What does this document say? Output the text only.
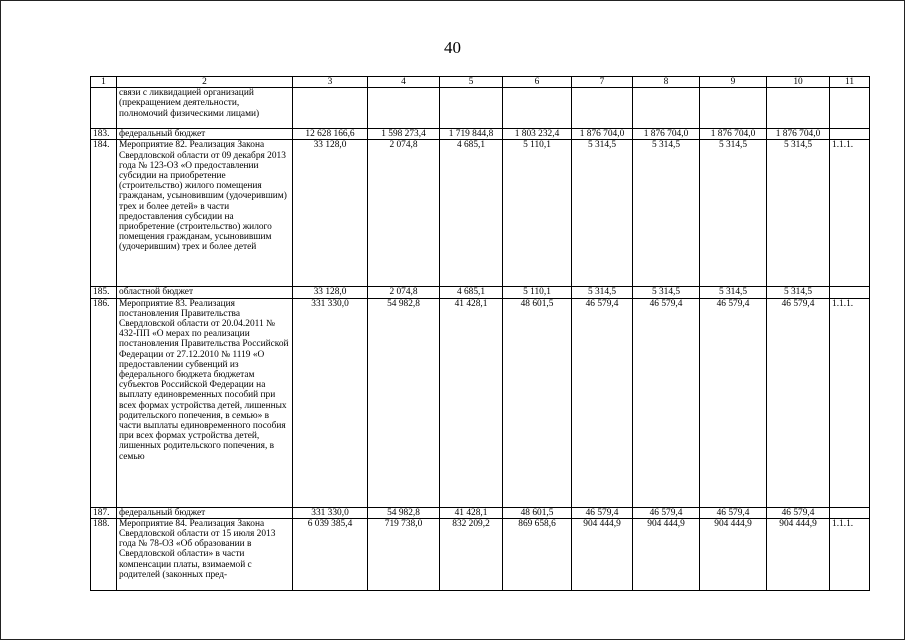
40
1	2	3	4	5	6	7	8	9	10	11
	связи с ликвидацией организаций (прекращением деятельности, полномочий физическими лицами)									
183.	федеральный бюджет	12 628 166,6	1 598 273,4	1 719 844,8	1 803 232,4	1 876 704,0	1 876 704,0	1 876 704,0	1 876 704,0	
184.	Мероприятие 82. Реализация Закона Свердловской области от 09 декабря 2013 года № 123-ОЗ «О предоставлении субсидии на приобретение (строительство) жилого помещения гражданам, усыновившим (удочерившим) трех и более детей» в части предоставления субсидии на приобретение (строительство) жилого помещения гражданам, усыновившим (удочерившим) трех и более детей	33 128,0	2 074,8	4 685,1	5 110,1	5 314,5	5 314,5	5 314,5	5 314,5	1.1.1.
185.	областной бюджет	33 128,0	2 074,8	4 685,1	5 110,1	5 314,5	5 314,5	5 314,5	5 314,5	
186.	Мероприятие 83. Реализация постановления Правительства Свердловской области от 20.04.2011 № 432-ПП «О мерах по реализации постановления Правительства Российской Федерации от 27.12.2010 № 1119 «О предоставлении субвенций из федерального бюджета бюджетам субъектов Российской Федерации на выплату единовременных пособий при всех формах устройства детей, лишенных родительского попечения, в семью» в части выплаты единовременного пособия при всех формах устройства детей, лишенных родительского попечения, в семью	331 330,0	54 982,8	41 428,1	48 601,5	46 579,4	46 579,4	46 579,4	46 579,4	1.1.1.
187.	федеральный бюджет	331 330,0	54 982,8	41 428,1	48 601,5	46 579,4	46 579,4	46 579,4	46 579,4	
188.	Мероприятие 84. Реализация Закона Свердловской области от 15 июля 2013 года № 78-ОЗ «Об образовании в Свердловской области» в части компенсации платы, взимаемой с родителей (законных пред-	6 039 385,4	719 738,0	832 209,2	869 658,6	904 444,9	904 444,9	904 444,9	904 444,9	1.1.1.
